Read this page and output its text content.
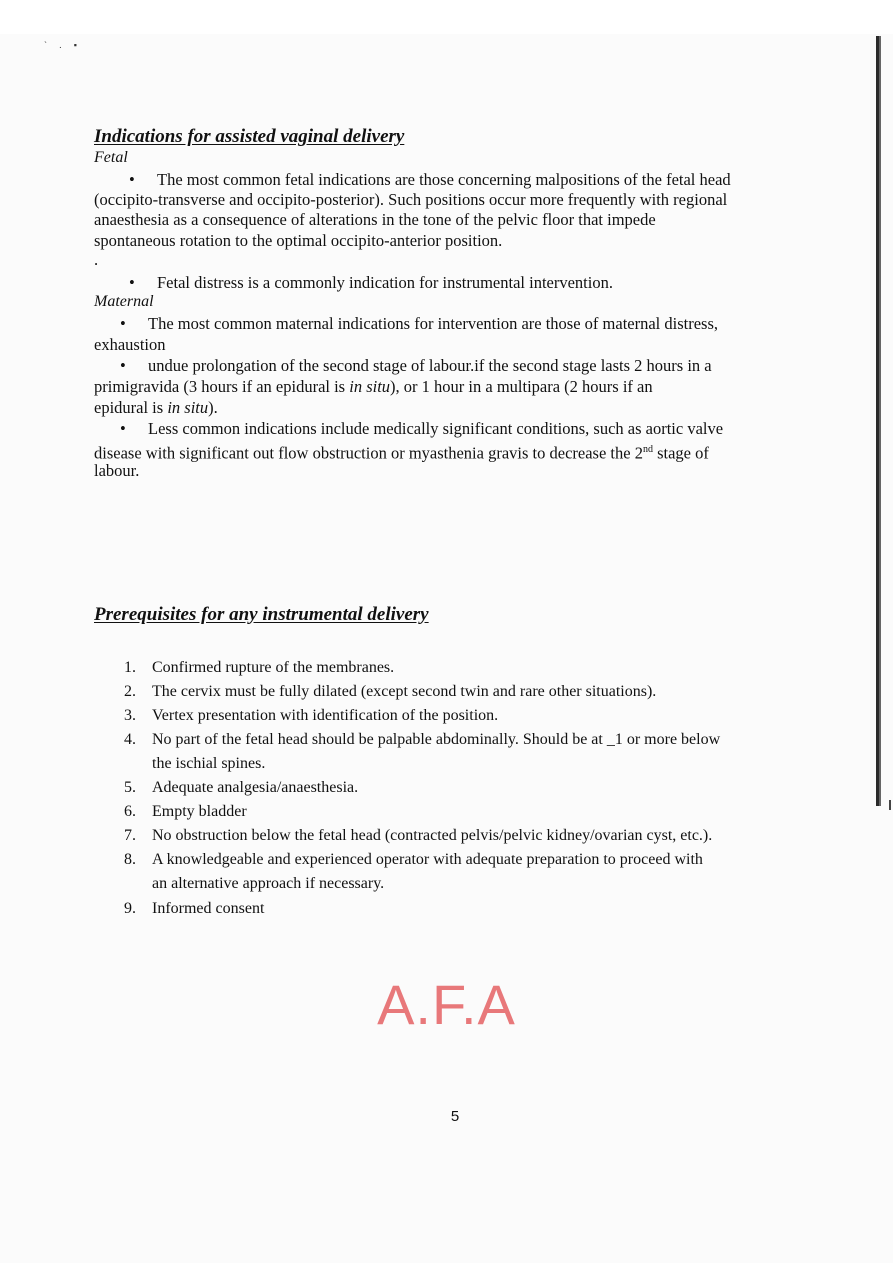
` . ▪
Indications for assisted vaginal delivery
Fetal
• The most common fetal indications are those concerning malpositions of the fetal head
(occipito-transverse and occipito-posterior). Such positions occur more frequently with regional
anaesthesia as a consequence of alterations in the tone of the pelvic floor that impede
spontaneous rotation to the optimal occipito-anterior position.
.
• Fetal distress is a commonly indication for instrumental intervention.
Maternal
• The most common maternal indications for intervention are those of maternal distress,
exhaustion
• undue prolongation of the second stage of labour.if the second stage lasts 2 hours in a
primigravida (3 hours if an epidural is in situ), or 1 hour in a multipara (2 hours if an
epidural is in situ).
• Less common indications include medically significant conditions, such as aortic valve
disease with significant out flow obstruction or myasthenia gravis to decrease the 2nd stage of
labour.
Prerequisites for any instrumental delivery
1. Confirmed rupture of the membranes.
2. The cervix must be fully dilated (except second twin and rare other situations).
3. Vertex presentation with identification of the position.
4. No part of the fetal head should be palpable abdominally. Should be at _1 or more below
the ischial spines.
5. Adequate analgesia/anaesthesia.
6. Empty bladder
7. No obstruction below the fetal head (contracted pelvis/pelvic kidney/ovarian cyst, etc.).
8. A knowledgeable and experienced operator with adequate preparation to proceed with
an alternative approach if necessary.
9. Informed consent
A.F.A
5
